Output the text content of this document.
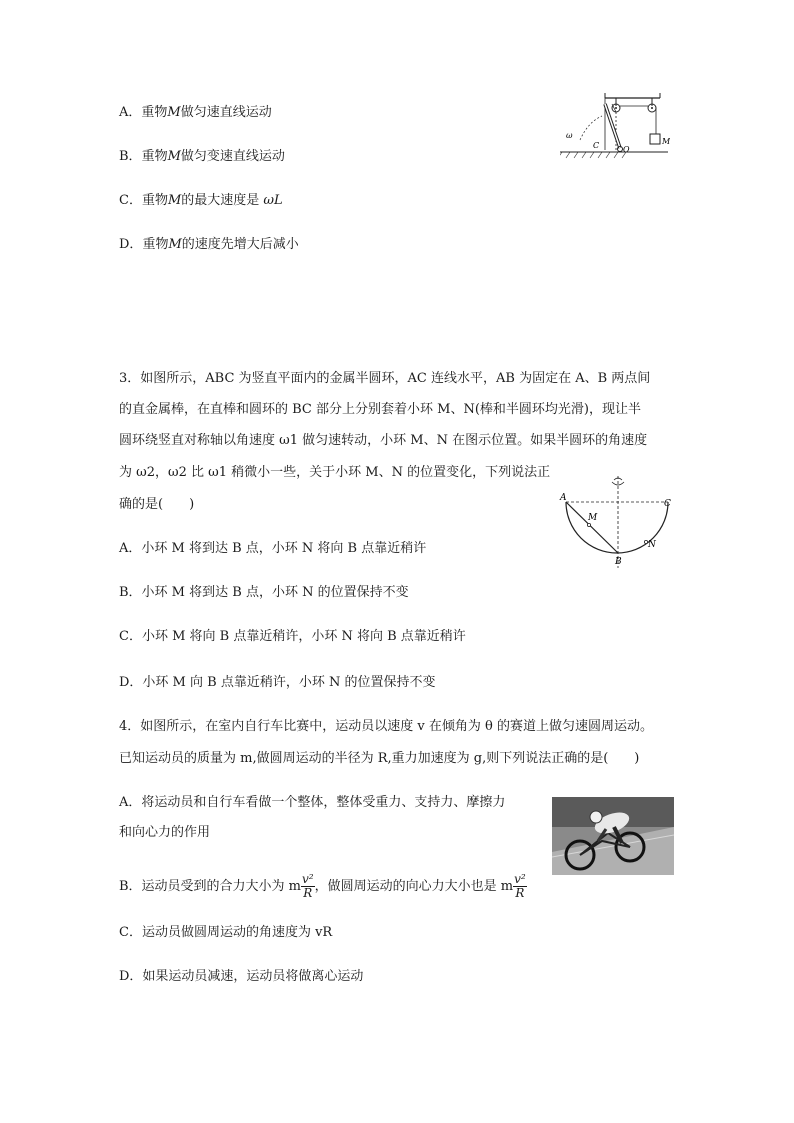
A．重物M做匀速直线运动
B．重物M做匀变速直线运动
C．重物M的最大速度是 ωL
D．重物M的速度先增大后减小
M
ω
C	O
3．如图所示，ABC 为竖直平面内的金属半圆环，AC 连线水平，AB 为固定在 A、B 两点间
的直金属棒，在直棒和圆环的 BC 部分上分别套着小环 M、N(棒和半圆环均光滑)，现让半
圆环绕竖直对称轴以角速度 ω1 做匀速转动，小环 M、N 在图示位置。如果半圆环的角速度
为 ω2，ω2 比 ω1 稍微小一些，关于小环 M、N 的位置变化，下列说法正
确的是(　　)	A
C
M
N
B
A．小环 M 将到达 B 点，小环 N 将向 B 点靠近稍许
B．小环 M 将到达 B 点，小环 N 的位置保持不变
C．小环 M 将向 B 点靠近稍许，小环 N 将向 B 点靠近稍许
D．小环 M 向 B 点靠近稍许，小环 N 的位置保持不变
4．如图所示，在室内自行车比赛中，运动员以速度 v 在倾角为 θ 的赛道上做匀速圆周运动。
已知运动员的质量为 m,做圆周运动的半径为 R,重力加速度为 g,则下列说法正确的是(　　)
A．将运动员和自行车看做一个整体，整体受重力、支持力、摩擦力
和向心力的作用
B．运动员受到的合力大小为 m $\frac{\text{v²}}{R}$ ，做圆周运动的向心力大小也是 m $\frac{\text{v²}}{R}$
C．运动员做圆周运动的角速度为 vR
D．如果运动员减速，运动员将做离心运动
